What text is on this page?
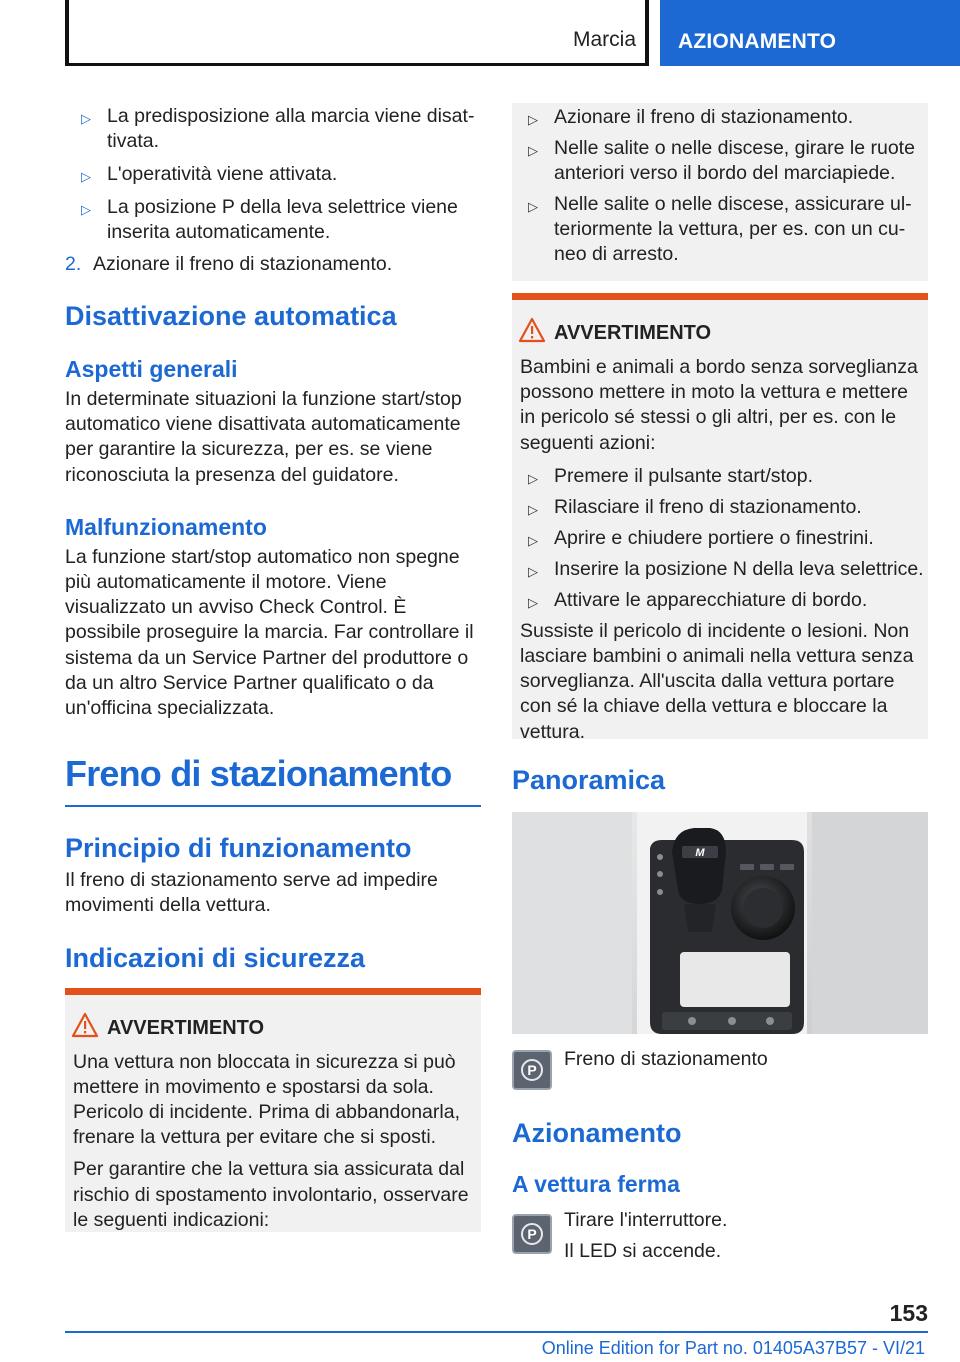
Marcia	AZIONAMENTO
▷ La predisposizione alla marcia viene disattivata.
▷ L'operatività viene attivata.
▷ La posizione P della leva selettrice viene inserita automaticamente.
2. Azionare il freno di stazionamento.
Disattivazione automatica
Aspetti generali

In determinate situazioni la funzione start/stop automatico viene disattivata automaticamente per garantire la sicurezza, per es. se viene riconosciuta la presenza del guidatore.

Malfunzionamento

La funzione start/stop automatico non spegne più automaticamente il motore. Viene visualizzato un avviso Check Control. È possibile proseguire la marcia. Far controllare il sistema da un Service Partner del produttore o da un altro Service Partner qualificato o da un'officina specializzata.

Freno di stazionamento
Principio di funzionamento

Il freno di stazionamento serve ad impedire movimenti della vettura.

Indicazioni di sicurezza
AVVERTIMENTO

Una vettura non bloccata in sicurezza si può mettere in movimento e spostarsi da sola. Pericolo di incidente. Prima di abbandonarla, frenare la vettura per evitare che si sposti.

Per garantire che la vettura sia assicurata dal rischio di spostamento involontario, osservare le seguenti indicazioni:

▷ Azionare il freno di stazionamento.
▷ Nelle salite o nelle discese, girare le ruote anteriori verso il bordo del marciapiede.
▷ Nelle salite o nelle discese, assicurare ulteriormente la vettura, per es. con un cuneo di arresto.
AVVERTIMENTO

Bambini e animali a bordo senza sorveglianza possono mettere in moto la vettura e mettere in pericolo sé stessi o gli altri, per es. con le seguenti azioni:

▷ Premere il pulsante start/stop.
▷ Rilasciare il freno di stazionamento.
▷ Aprire e chiudere portiere o finestrini.
▷ Inserire la posizione N della leva selettrice.
▷ Attivare le apparecchiature di bordo.

Sussiste il pericolo di incidente o lesioni. Non lasciare bambini o animali nella vettura senza sorveglianza. All'uscita dalla vettura portare con sé la chiave della vettura e bloccare la vettura.

Panoramica
M
P	Freno di stazionamento
Azionamento
A vettura ferma
P

Tirare l'interruttore.

Il LED si accende.

153
Online Edition for Part no. 01405A37B57 - VI/21
